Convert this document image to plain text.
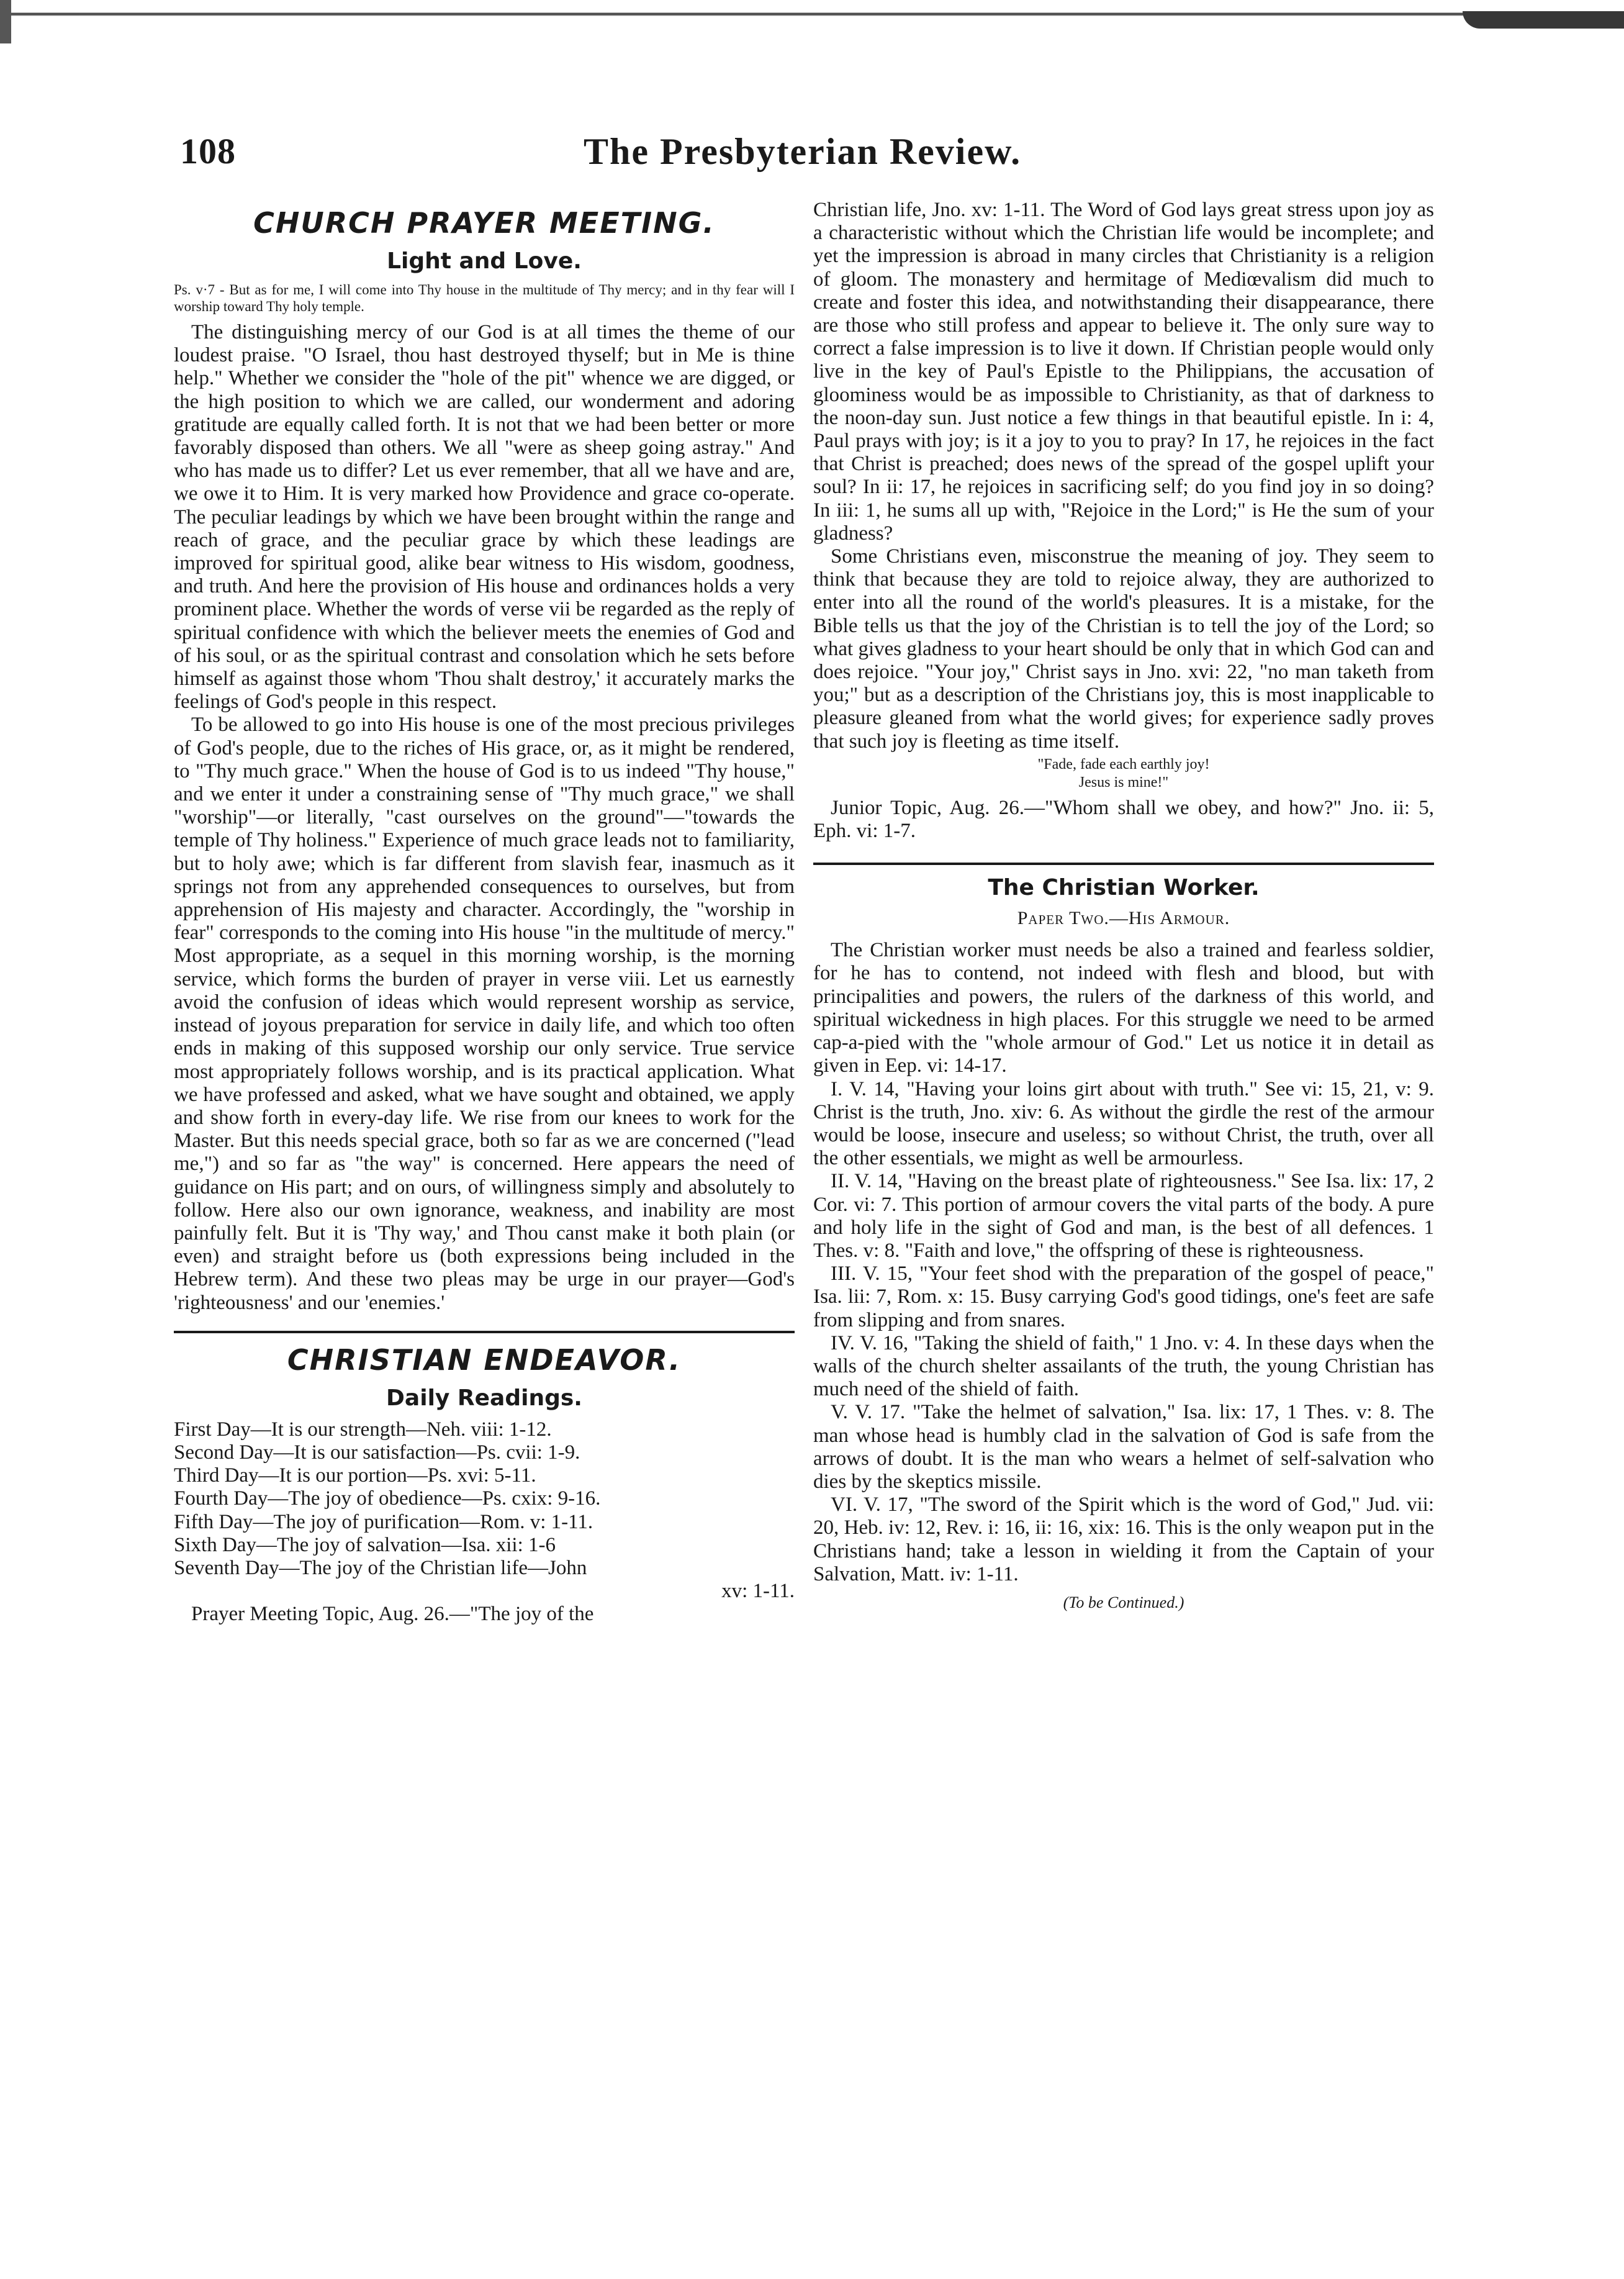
108	The Presbyterian Review.
CHURCH PRAYER MEETING.
Light and Love.

Ps. v·7 - But as for me, I will come into Thy house in the multitude of Thy mercy; and in thy fear will I worship toward Thy holy temple.

The distinguishing mercy of our God is at all times the theme of our loudest praise. "O Israel, thou hast destroyed thyself; but in Me is thine help." Whether we consider the "hole of the pit" whence we are digged, or the high position to which we are called, our wonderment and adoring gratitude are equally called forth. It is not that we had been better or more favorably disposed than others. We all "were as sheep going astray." And who has made us to differ? Let us ever remember, that all we have and are, we owe it to Him. It is very marked how Providence and grace co-operate. The peculiar leadings by which we have been brought within the range and reach of grace, and the peculiar grace by which these leadings are improved for spiritual good, alike bear witness to His wisdom, goodness, and truth. And here the provision of His house and ordinances holds a very prominent place. Whether the words of verse vii be regarded as the reply of spiritual confidence with which the believer meets the enemies of God and of his soul, or as the spiritual contrast and consolation which he sets before himself as against those whom 'Thou shalt destroy,' it accurately marks the feelings of God's people in this respect.

To be allowed to go into His house is one of the most precious privileges of God's people, due to the riches of His grace, or, as it might be rendered, to "Thy much grace." When the house of God is to us indeed "Thy house," and we enter it under a constraining sense of "Thy much grace," we shall "worship"—or literally, "cast ourselves on the ground"—"towards the temple of Thy holiness." Experience of much grace leads not to familiarity, but to holy awe; which is far different from slavish fear, inasmuch as it springs not from any apprehended consequences to ourselves, but from apprehension of His majesty and character. Accordingly, the "worship in fear" corresponds to the coming into His house "in the multitude of mercy." Most appropriate, as a sequel in this morning worship, is the morning service, which forms the burden of prayer in verse viii. Let us earnestly avoid the confusion of ideas which would represent worship as service, instead of joyous preparation for service in daily life, and which too often ends in making of this supposed worship our only service. True service most appropriately follows worship, and is its practical application. What we have professed and asked, what we have sought and obtained, we apply and show forth in every-day life. We rise from our knees to work for the Master. But this needs special grace, both so far as we are concerned ("lead me,") and so far as "the way" is concerned. Here appears the need of guidance on His part; and on ours, of willingness simply and absolutely to follow. Here also our own ignorance, weakness, and inability are most painfully felt. But it is 'Thy way,' and Thou canst make it both plain (or even) and straight before us (both expressions being included in the Hebrew term). And these two pleas may be urge in our prayer—God's 'righteousness' and our 'enemies.'

CHRISTIAN ENDEAVOR.
Daily Readings.

First Day—It is our strength—Neh. viii: 1-12.

Second Day—It is our satisfaction—Ps. cvii: 1-9.

Third Day—It is our portion—Ps. xvi: 5-11.

Fourth Day—The joy of obedience—Ps. cxix: 9-16.

Fifth Day—The joy of purification—Rom. v: 1-11.

Sixth Day—The joy of salvation—Isa. xii: 1-6

Seventh Day—The joy of the Christian life—John

xv: 1-11.

Prayer Meeting Topic, Aug. 26.—"The joy of the

Christian life, Jno. xv: 1-11. The Word of God lays great stress upon joy as a characteristic without which the Christian life would be incomplete; and yet the impression is abroad in many circles that Christianity is a religion of gloom. The monastery and hermitage of Mediœvalism did much to create and foster this idea, and notwithstanding their disappearance, there are those who still profess and appear to believe it. The only sure way to correct a false impression is to live it down. If Christian people would only live in the key of Paul's Epistle to the Philippians, the accusation of gloominess would be as impossible to Christianity, as that of darkness to the noon-day sun. Just notice a few things in that beautiful epistle. In i: 4, Paul prays with joy; is it a joy to you to pray? In 17, he rejoices in the fact that Christ is preached; does news of the spread of the gospel uplift your soul? In ii: 17, he rejoices in sacrificing self; do you find joy in so doing? In iii: 1, he sums all up with, "Rejoice in the Lord;" is He the sum of your gladness?

Some Christians even, misconstrue the meaning of joy. They seem to think that because they are told to rejoice alway, they are authorized to enter into all the round of the world's pleasures. It is a mistake, for the Bible tells us that the joy of the Christian is to tell the joy of the Lord; so what gives gladness to your heart should be only that in which God can and does rejoice. "Your joy," Christ says in Jno. xvi: 22, "no man taketh from you;" but as a description of the Christians joy, this is most inapplicable to pleasure gleaned from what the world gives; for experience sadly proves that such joy is fleeting as time itself.

"Fade, fade each earthly joy!
Jesus is mine!"

Junior Topic, Aug. 26.—"Whom shall we obey, and how?" Jno. ii: 5, Eph. vi: 1-7.

The Christian Worker.
Paper Two.—His Armour.

The Christian worker must needs be also a trained and fearless soldier, for he has to contend, not indeed with flesh and blood, but with principalities and powers, the rulers of the darkness of this world, and spiritual wickedness in high places. For this struggle we need to be armed cap-a-pied with the "whole armour of God." Let us notice it in detail as given in Eep. vi: 14-17.

I. V. 14, "Having your loins girt about with truth." See vi: 15, 21, v: 9. Christ is the truth, Jno. xiv: 6. As without the girdle the rest of the armour would be loose, insecure and useless; so without Christ, the truth, over all the other essentials, we might as well be armourless.

II. V. 14, "Having on the breast plate of righteousness." See Isa. lix: 17, 2 Cor. vi: 7. This portion of armour covers the vital parts of the body. A pure and holy life in the sight of God and man, is the best of all defences. 1 Thes. v: 8. "Faith and love," the offspring of these is righteousness.

III. V. 15, "Your feet shod with the preparation of the gospel of peace," Isa. lii: 7, Rom. x: 15. Busy carrying God's good tidings, one's feet are safe from slipping and from snares.

IV. V. 16, "Taking the shield of faith," 1 Jno. v: 4. In these days when the walls of the church shelter assailants of the truth, the young Christian has much need of the shield of faith.

V. V. 17. "Take the helmet of salvation," Isa. lix: 17, 1 Thes. v: 8. The man whose head is humbly clad in the salvation of God is safe from the arrows of doubt. It is the man who wears a helmet of self-salvation who dies by the skeptics missile.

VI. V. 17, "The sword of the Spirit which is the word of God," Jud. vii: 20, Heb. iv: 12, Rev. i: 16, ii: 16, xix: 16. This is the only weapon put in the Christians hand; take a lesson in wielding it from the Captain of your Salvation, Matt. iv: 1-11.

(To be Continued.)
